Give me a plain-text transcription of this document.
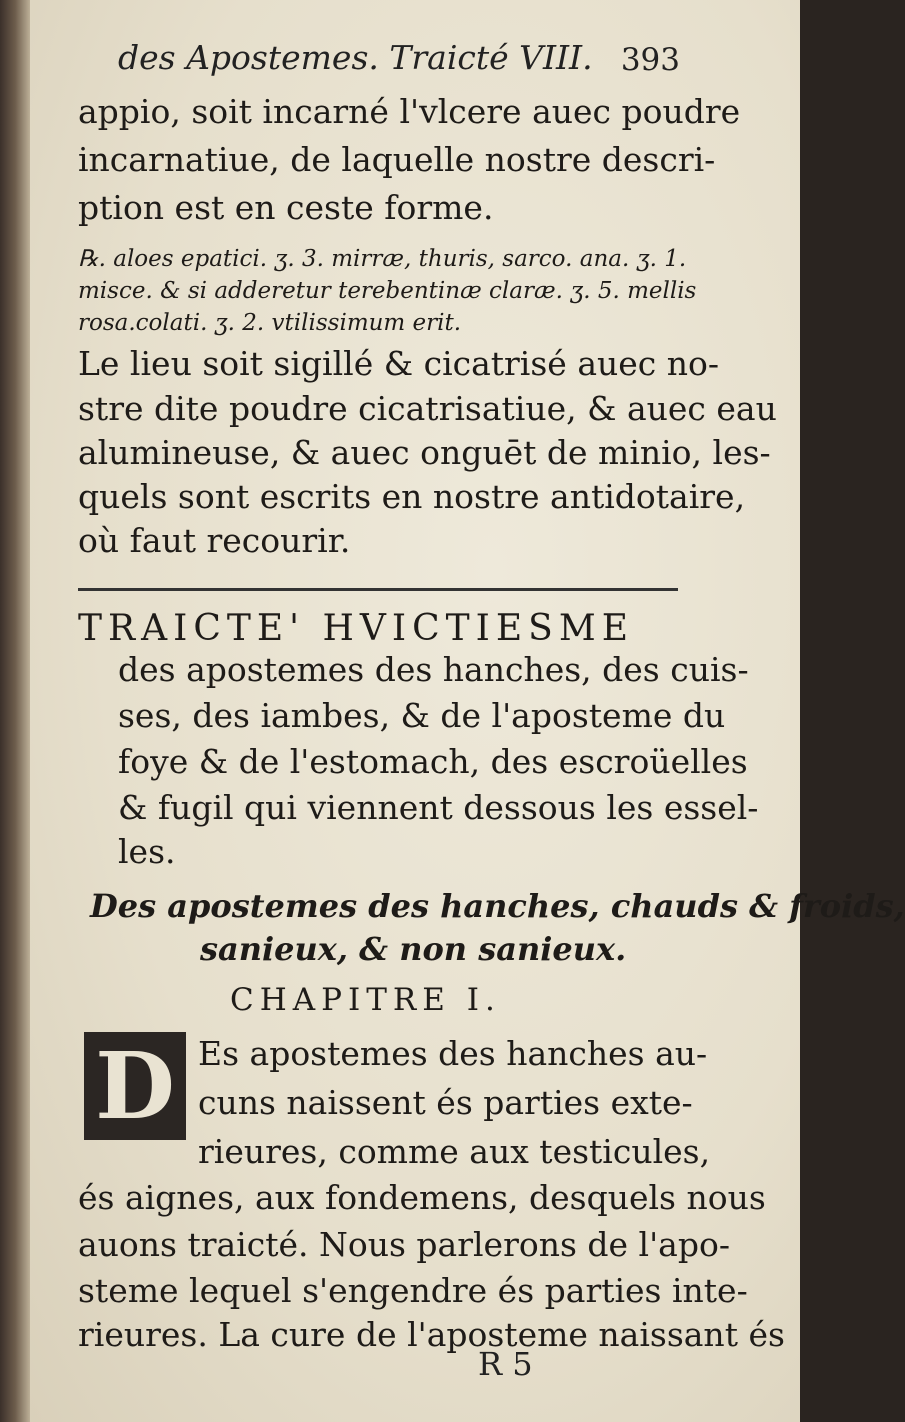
des Apostemes. Traicté VIII. 393
appio, soit incarné l'vlcere auec poudre
incarnatiue, de laquelle nostre descri-
ption est en ceste forme.
℞. aloes epatici. ʒ. 3. mirræ, thuris, sarco. ana. ʒ. 1.
misce. & si adderetur terebentinæ claræ. ʒ. 5. mellis
rosa.colati. ʒ. 2. vtilissimum erit.
Le lieu soit sigillé & cicatrisé auec no-
stre dite poudre cicatrisatiue, & auec eau
alumineuse, & auec onguēt de minio, les-
quels sont escrits en nostre antidotaire,
où faut recourir.
TRAICTE' HVICTIESME
des apostemes des hanches, des cuis-
ses, des iambes, & de l'aposteme du
foye & de l'estomach, des escroüelles
& fugil qui viennent dessous les essel-
les.
Des apostemes des hanches, chauds & froids,
sanieux, & non sanieux.
CHAPITRE I.
D Es apostemes des hanches au-
cuns naissent és parties exte-
rieures, comme aux testicules,
és aignes, aux fondemens, desquels nous
auons traicté. Nous parlerons de l'apo-
steme lequel s'engendre és parties inte-
rieures. La cure de l'aposteme naissant és
R 5
